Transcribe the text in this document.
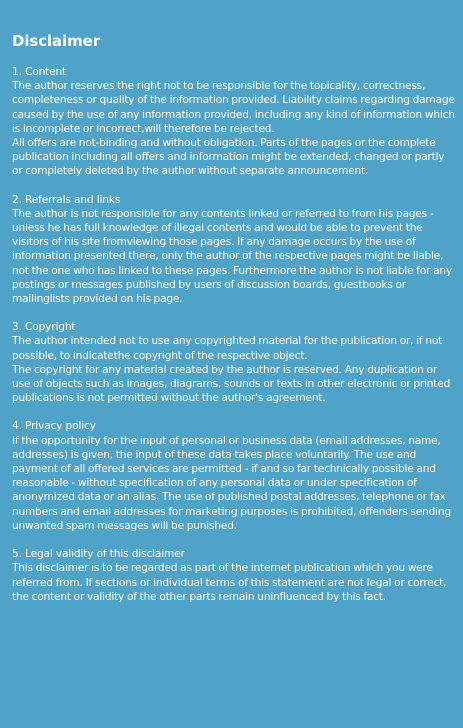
Disclaimer
1. Content

The author reserves the right not to be responsible for the topicality, correctness, completeness or quality of the information provided. Liability claims regarding damage caused by the use of any information provided, including any kind of information which is incomplete or incorrect,will therefore be rejected.

All offers are not-binding and without obligation. Parts of the pages or the complete publication including all offers and information might be extended, changed or partly or completely deleted by the author without separate announcement.

2. Referrals and links

The author is not responsible for any contents linked or referred to from his pages - unless he has full knowledge of illegal contents and would be able to prevent the visitors of his site fromviewing those pages. If any damage occurs by the use of information presented there, only the author of the respective pages might be liable, not the one who has linked to these pages. Furthermore the author is not liable for any postings or messages published by users of discussion boards, guestbooks or mailinglists provided on his page.

3. Copyright

The author intended not to use any copyrighted material for the publication or, if not possible, to indicatethe copyright of the respective object.

The copyright for any material created by the author is reserved. Any duplication or use of objects such as images, diagrams, sounds or texts in other electronic or printed publications is not permitted without the author's agreement.

4. Privacy policy

If the opportunity for the input of personal or business data (email addresses, name, addresses) is given, the input of these data takes place voluntarily. The use and payment of all offered services are permitted - if and so far technically possible and reasonable - without specification of any personal data or under specification of anonymized data or an alias. The use of published postal addresses, telephone or fax numbers and email addresses for marketing purposes is prohibited, offenders sending unwanted spam messages will be punished.

5. Legal validity of this disclaimer

This disclaimer is to be regarded as part of the internet publication which you were referred from. If sections or individual terms of this statement are not legal or correct, the content or validity of the other parts remain uninfluenced by this fact.
